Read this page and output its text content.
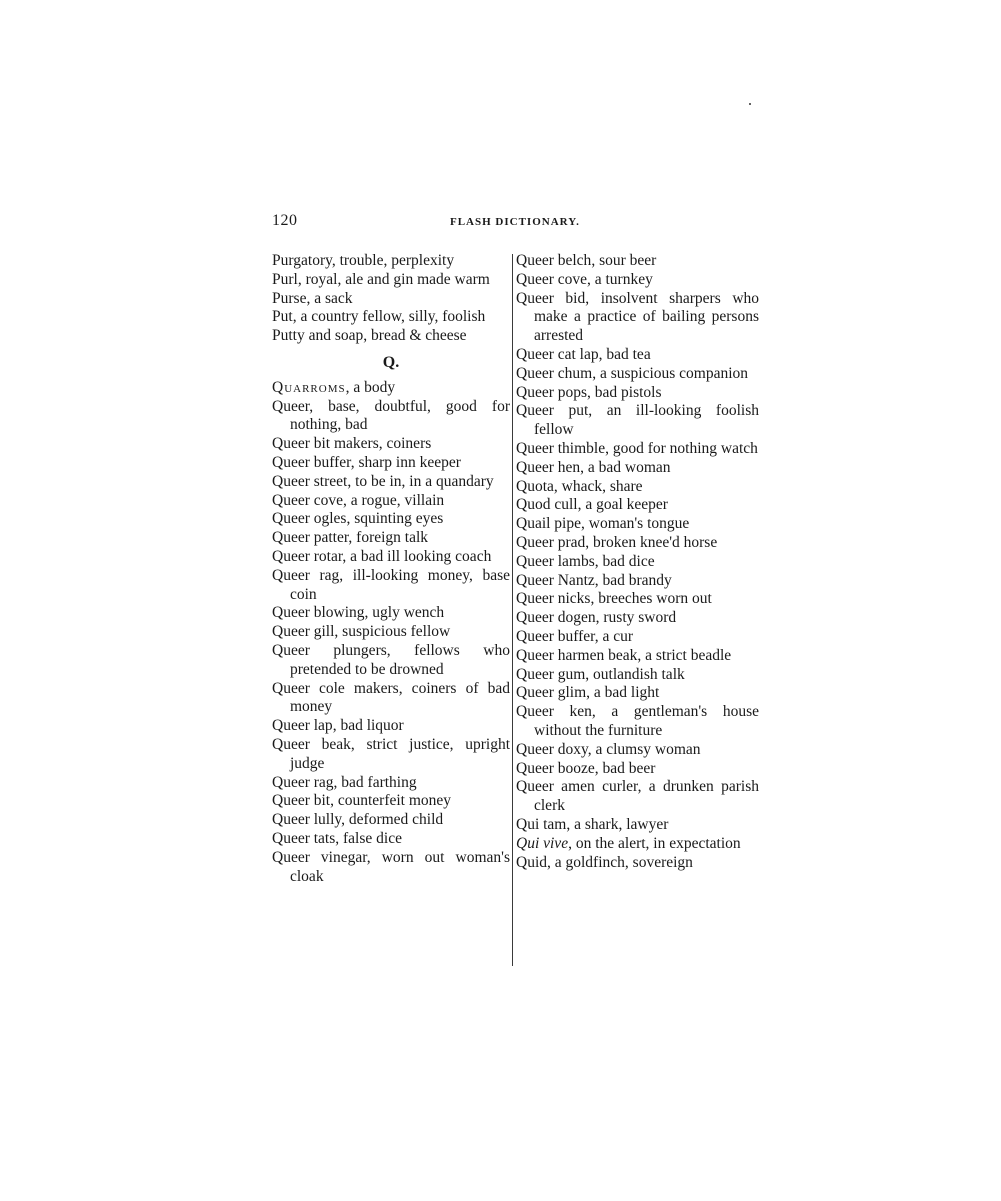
120	FLASH DICTIONARY.
Purgatory, trouble, perplexity
Purl, royal, ale and gin made warm
Purse, a sack
Put, a country fellow, silly, foolish
Putty and soap, bread & cheese
Q.
Quarroms, a body
Queer, base, doubtful, good for nothing, bad
Queer bit makers, coiners
Queer buffer, sharp inn keeper
Queer street, to be in, in a quandary
Queer cove, a rogue, villain
Queer ogles, squinting eyes
Queer patter, foreign talk
Queer rotar, a bad ill looking coach
Queer rag, ill-looking money, base coin
Queer blowing, ugly wench
Queer gill, suspicious fellow
Queer plungers, fellows who pretended to be drowned
Queer cole makers, coiners of bad money
Queer lap, bad liquor
Queer beak, strict justice, upright judge
Queer rag, bad farthing
Queer bit, counterfeit money
Queer lully, deformed child
Queer tats, false dice
Queer vinegar, worn out woman's cloak
Queer belch, sour beer
Queer cove, a turnkey
Queer bid, insolvent sharpers who make a practice of bailing persons arrested
Queer cat lap, bad tea
Queer chum, a suspicious companion
Queer pops, bad pistols
Queer put, an ill-looking foolish fellow
Queer thimble, good for nothing watch
Queer hen, a bad woman
Quota, whack, share
Quod cull, a goal keeper
Quail pipe, woman's tongue
Queer prad, broken knee'd horse
Queer lambs, bad dice
Queer Nantz, bad brandy
Queer nicks, breeches worn out
Queer dogen, rusty sword
Queer buffer, a cur
Queer harmen beak, a strict beadle
Queer gum, outlandish talk
Queer glim, a bad light
Queer ken, a gentleman's house without the furniture
Queer doxy, a clumsy woman
Queer booze, bad beer
Queer amen curler, a drunken parish clerk
Qui tam, a shark, lawyer
Qui vive, on the alert, in expectation
Quid, a goldfinch, sovereign
